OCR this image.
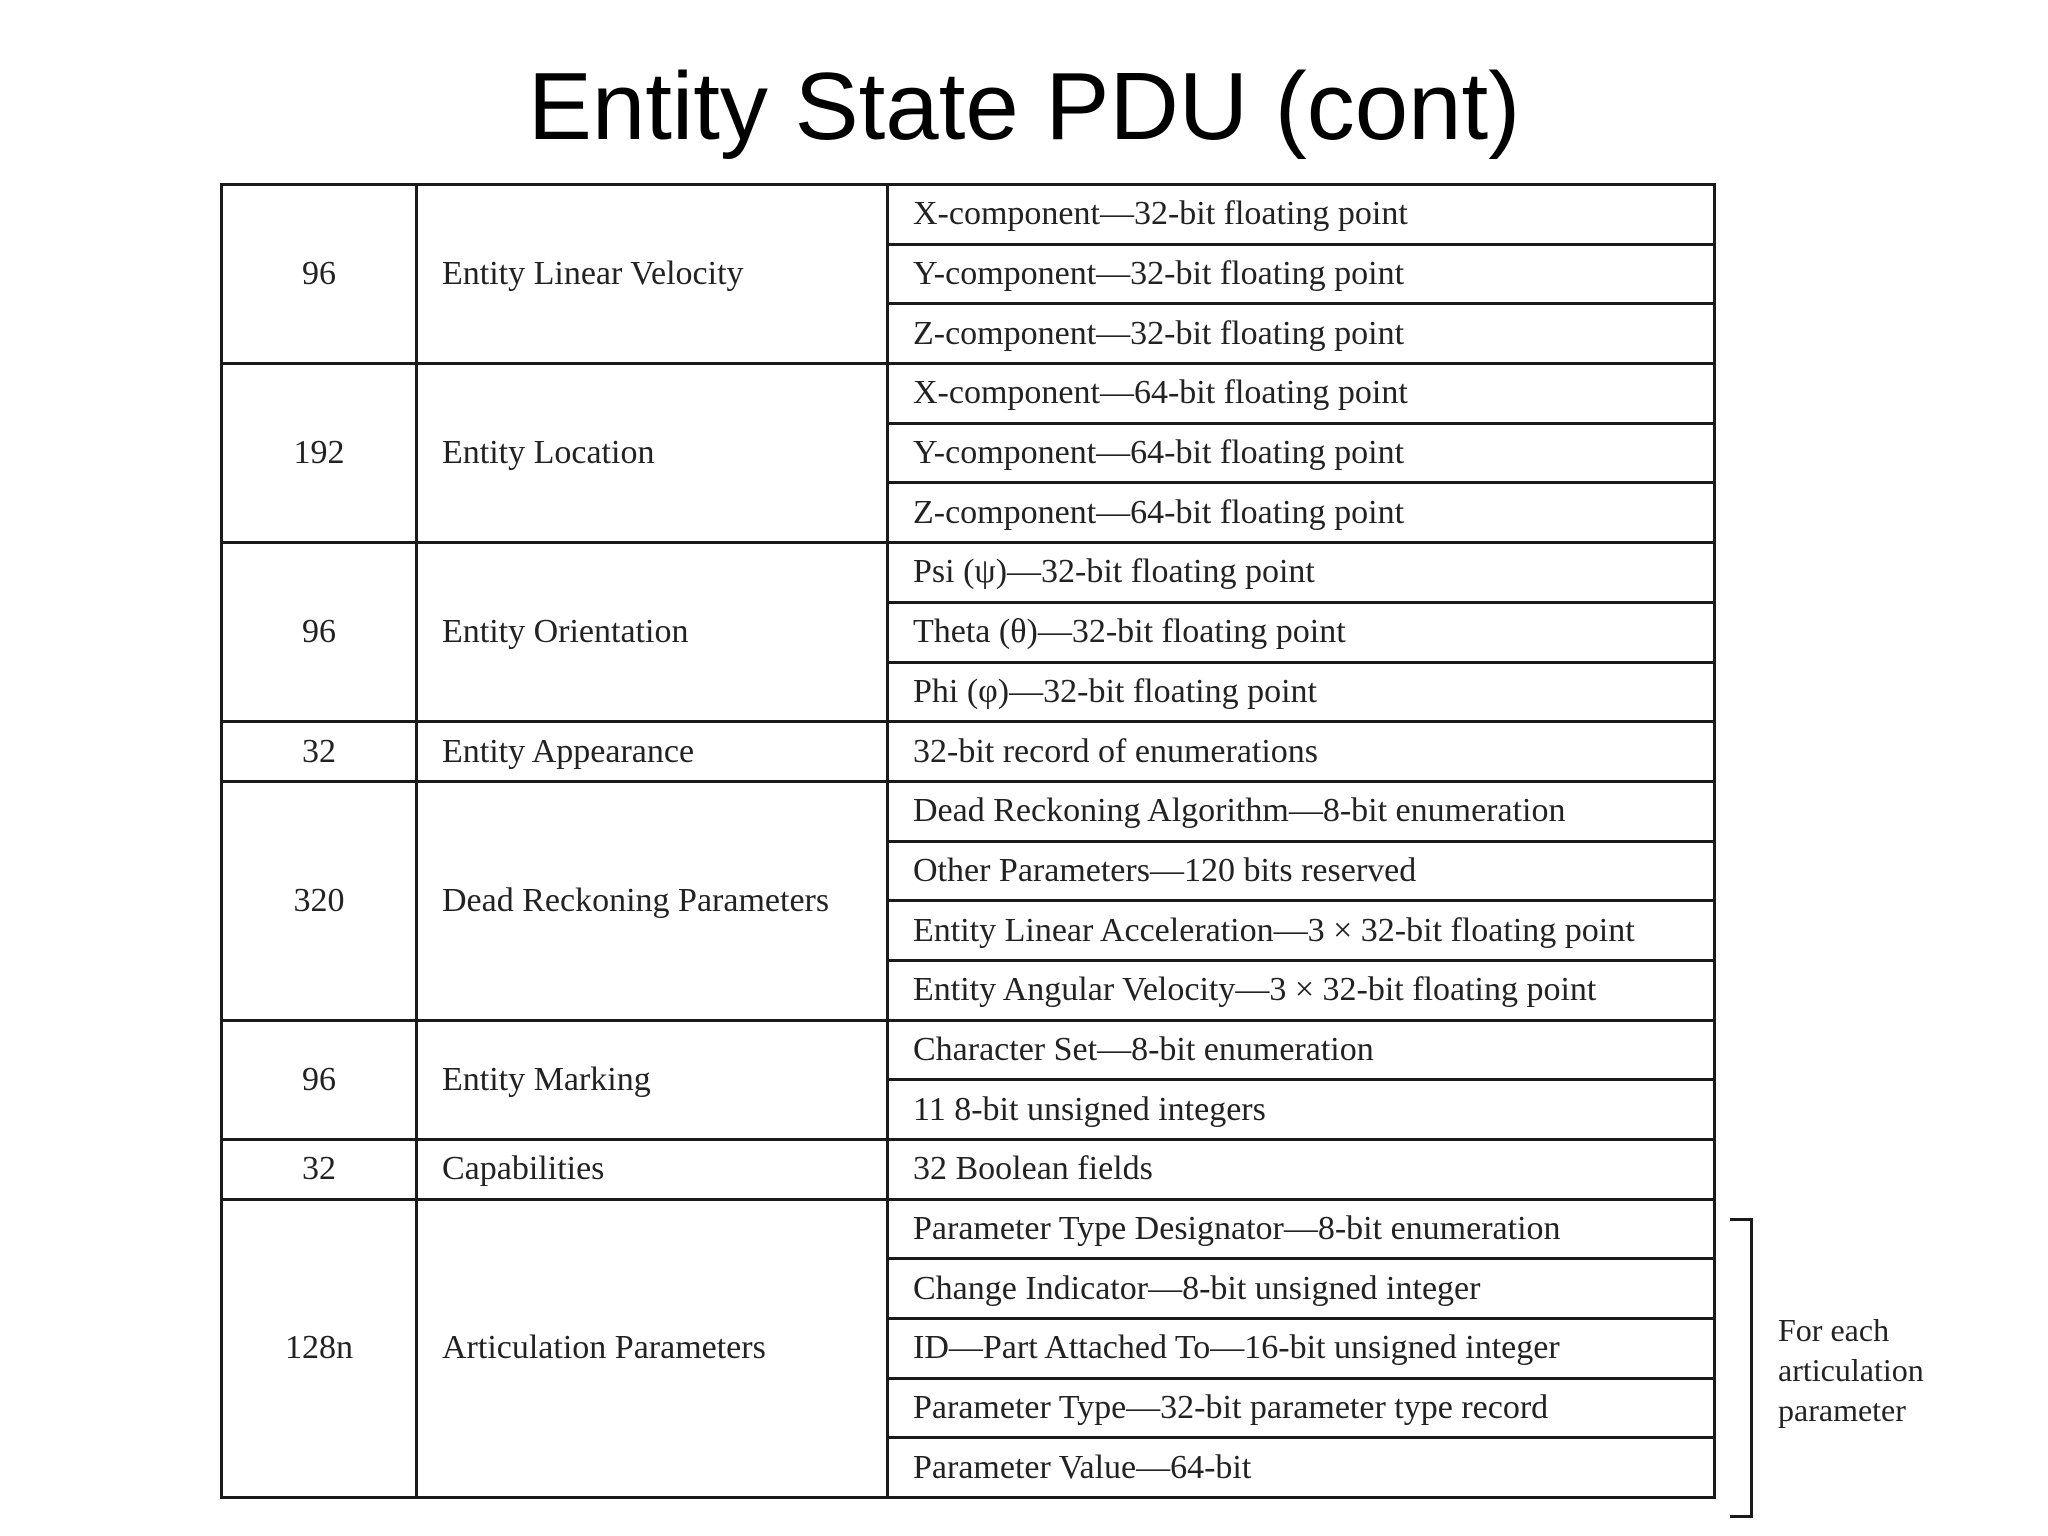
Entity State PDU (cont)
96	Entity Linear Velocity	X-component—32-bit floating point
		Y-component—32-bit floating point
		Z-component—32-bit floating point
192	Entity Location	X-component—64-bit floating point
		Y-component—64-bit floating point
		Z-component—64-bit floating point
96	Entity Orientation	Psi (ψ)—32-bit floating point
		Theta (θ)—32-bit floating point
		Phi (φ)—32-bit floating point
32	Entity Appearance	32-bit record of enumerations
320	Dead Reckoning Parameters	Dead Reckoning Algorithm—8-bit enumeration
		Other Parameters—120 bits reserved
		Entity Linear Acceleration—3 × 32-bit floating point
		Entity Angular Velocity—3 × 32-bit floating point
96	Entity Marking	Character Set—8-bit enumeration
		11 8-bit unsigned integers
32	Capabilities	32 Boolean fields
128n	Articulation Parameters	Parameter Type Designator—8-bit enumeration
		Change Indicator—8-bit unsigned integer
		ID—Part Attached To—16-bit unsigned integer
		Parameter Type—32-bit parameter type record
		Parameter Value—64-bit
For each
articulation
parameter
